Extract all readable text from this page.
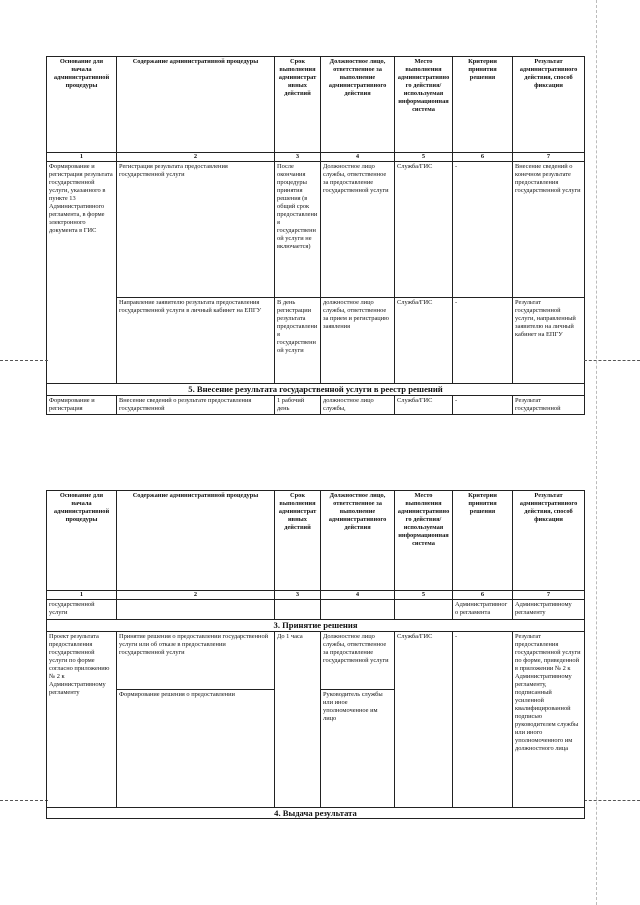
Основание для начала административной процедуры	Содержание административной процедуры	Срок выполнения административных действий	Должностное лицо, ответственное за выполнение административного действия	Место выполнения административного действия/ используемая информационная система	Критерии принятия решения	Результат административного действия, способ фиксации
1	2	3	4	5	6	7
Формирование и регистрация результата государственной услуги, указанного в пункте 13 Административного регламента, в форме электронного документа в ГИС	Регистрация результата предоставления государственной услуги	После окончания процедуры принятия решения (в общий срок предоставления государственной услуги не включается)	Должностное лицо службы, ответственное за предоставление государственной услуги	Служба/ГИС	-	Внесение сведений о конечном результате предоставления государственной услуги
	Направление заявителю результата предоставления государственной услуги в личный кабинет на ЕПГУ	В день регистрации результата предоставления государственной услуги	должностное лицо службы, ответственное за прием и регистрацию заявления	Служба/ГИС	-	Результат государственной услуги, направленный заявителю на личный кабинет на ЕПГУ
5. Внесение результата государственной услуги в реестр решений						
Формирование и регистрация	Внесение сведений о результате предоставления государственной	1 рабочий день	должностное лицо службы,	Служба/ГИС	-	Результат государственной
Основание для начала административной процедуры	Содержание административной процедуры	Срок выполнения административных действий	Должностное лицо, ответственное за выполнение административного действия	Место выполнения административного действия/ используемая информационная система	Критерии принятия решения	Результат административного действия, способ фиксации
1	2	3	4	5	6	7
государственной услуги					Административного регламента	Административному регламенту
3. Принятие решения						
Проект результата предоставления государственной услуги по форме согласно приложению № 2 к Административному регламенту	Принятие решения о предоставлении государственной услуги или об отказе в предоставлении государственной услуги	До 1 часа	Должностное лицо службы, ответственное за предоставление государственной услуги	Служба/ГИС	-	Результат предоставления государственной услуги по форме, приведенной в приложении № 2 к Административному регламенту, подписанный усиленной квалифицированной подписью руководителем службы или иного уполномоченного им должностного лица
	Формирование решения о предоставлении		Руководитель службы или иное уполномоченное им лицо			
4. Выдача результата						
